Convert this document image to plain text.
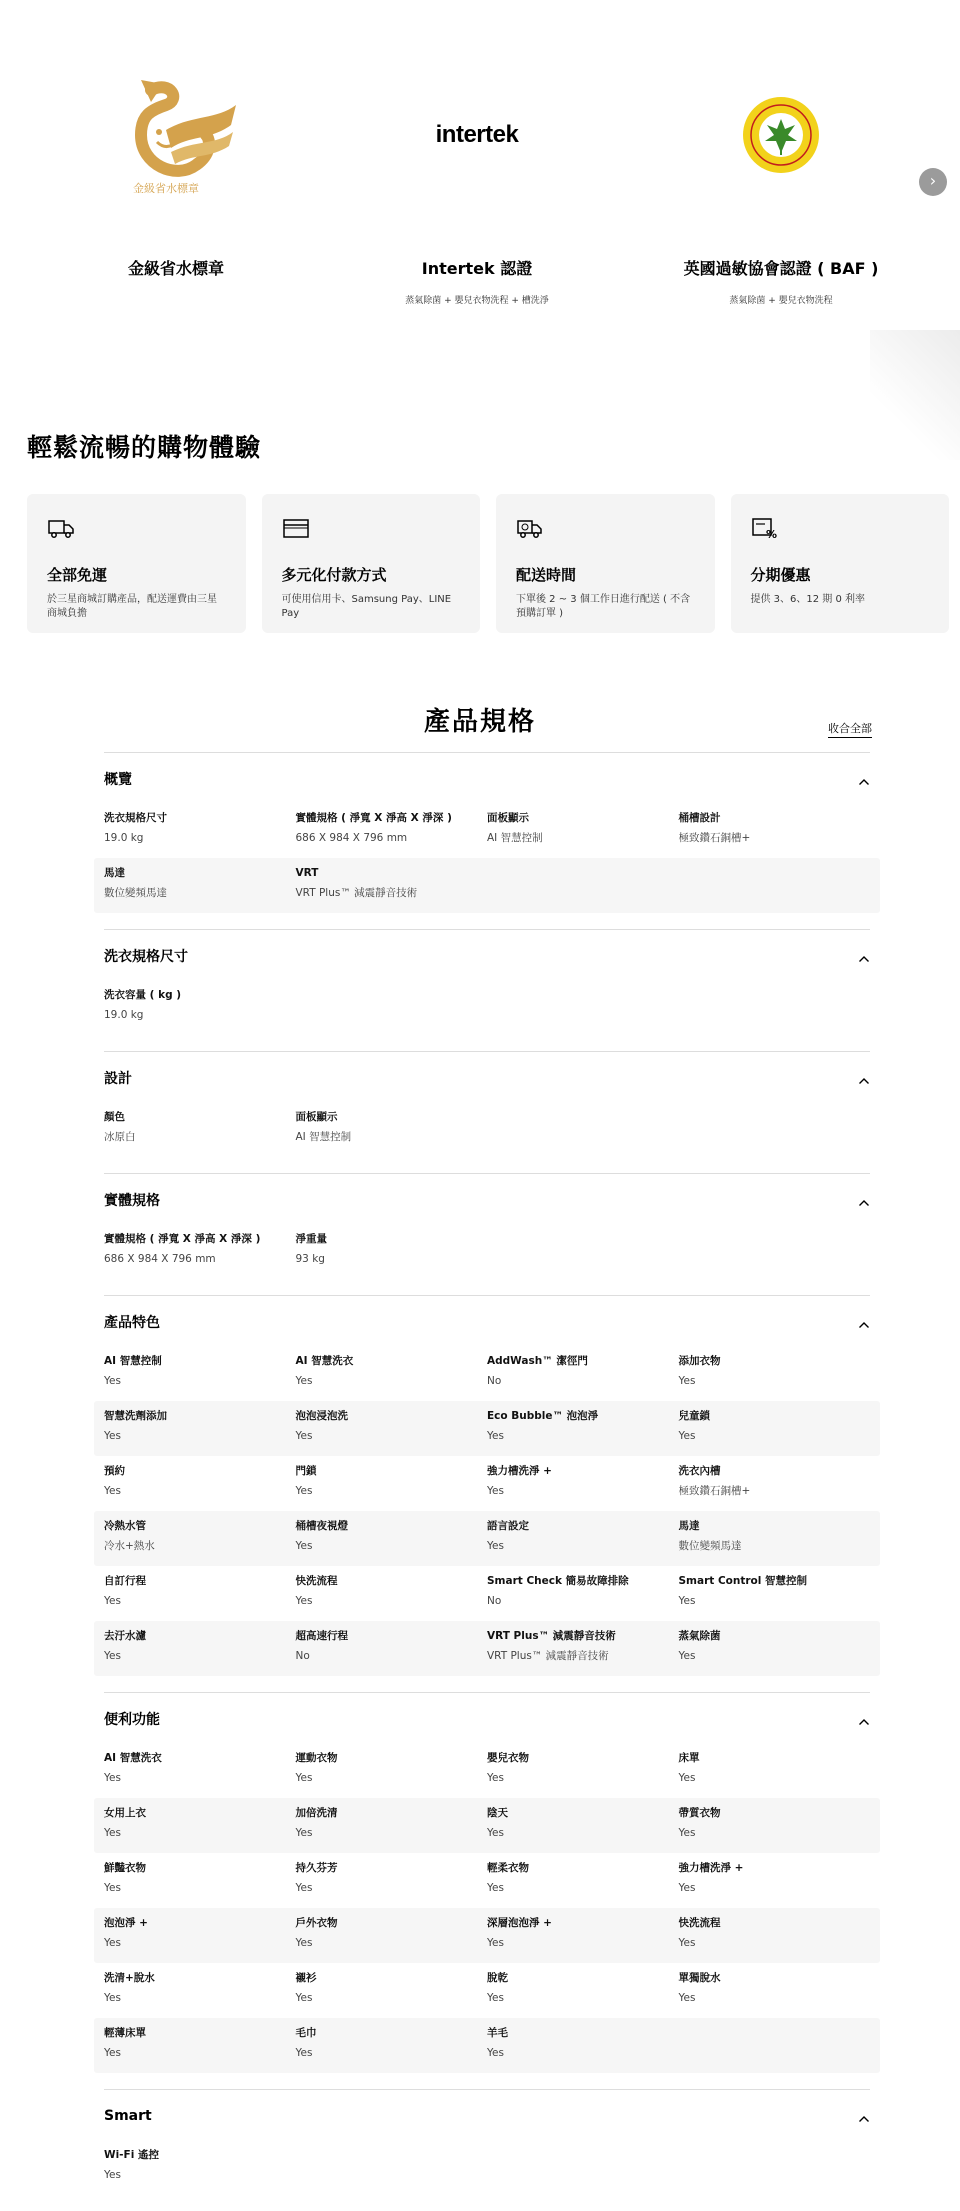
金級省水標章
金級省水標章
intertek
Intertek 認證
蒸氣除菌 + 嬰兒衣物洗程 + 槽洗淨
英國過敏協會認證 ( BAF )
蒸氣除菌 + 嬰兒衣物洗程
›
輕鬆流暢的購物體驗
全部免運
於三星商城訂購產品，配送運費由三星商城負擔
多元化付款方式
可使用信用卡、Samsung Pay、LINE Pay
配送時間
下單後 2 ~ 3 個工作日進行配送 ( 不含預購訂單 )
%
分期優惠
提供 3、6、12 期 0 利率
產品規格	收合全部
概覽
洗衣規格尺寸
19.0 kg
實體規格 ( 淨寬 X 淨高 X 淨深 )
686 X 984 X 796 mm
面板顯示
AI 智慧控制
桶槽設計
極致鑽石銅槽+
馬達
數位變頻馬達
VRT
VRT Plus™ 減震靜音技術
洗衣規格尺寸
洗衣容量 ( kg )
19.0 kg
設計
顏色
冰原白
面板顯示
AI 智慧控制
實體規格
實體規格 ( 淨寬 X 淨高 X 淨深 )
686 X 984 X 796 mm
淨重量
93 kg
產品特色
AI 智慧控制
Yes
AI 智慧洗衣
Yes
AddWash™ 潔徑門
No
添加衣物
Yes
智慧洗劑添加
Yes
泡泡浸泡洗
Yes
Eco Bubble™ 泡泡淨
Yes
兒童鎖
Yes
預約
Yes
門鎖
Yes
強力槽洗淨 +
Yes
洗衣內槽
極致鑽石銅槽+
冷熱水管
冷水+熱水
桶槽夜視燈
Yes
語言設定
Yes
馬達
數位變頻馬達
自訂行程
Yes
快洗流程
Yes
Smart Check 簡易故障排除
No
Smart Control 智慧控制
Yes
去汙水濾
Yes
超高速行程
No
VRT Plus™ 減震靜音技術
VRT Plus™ 減震靜音技術
蒸氣除菌
Yes
便利功能
AI 智慧洗衣
Yes
運動衣物
Yes
嬰兒衣物
Yes
床單
Yes
女用上衣
Yes
加倍洗清
Yes
陰天
Yes
帶質衣物
Yes
鮮豔衣物
Yes
持久芬芳
Yes
輕柔衣物
Yes
強力槽洗淨 +
Yes
泡泡淨 +
Yes
戶外衣物
Yes
深層泡泡淨 +
Yes
快洗流程
Yes
洗清+脫水
Yes
襯衫
Yes
脫乾
Yes
單獨脫水
Yes
輕薄床單
Yes
毛巾
Yes
羊毛
Yes
Smart
Wi-Fi 遙控
Yes
